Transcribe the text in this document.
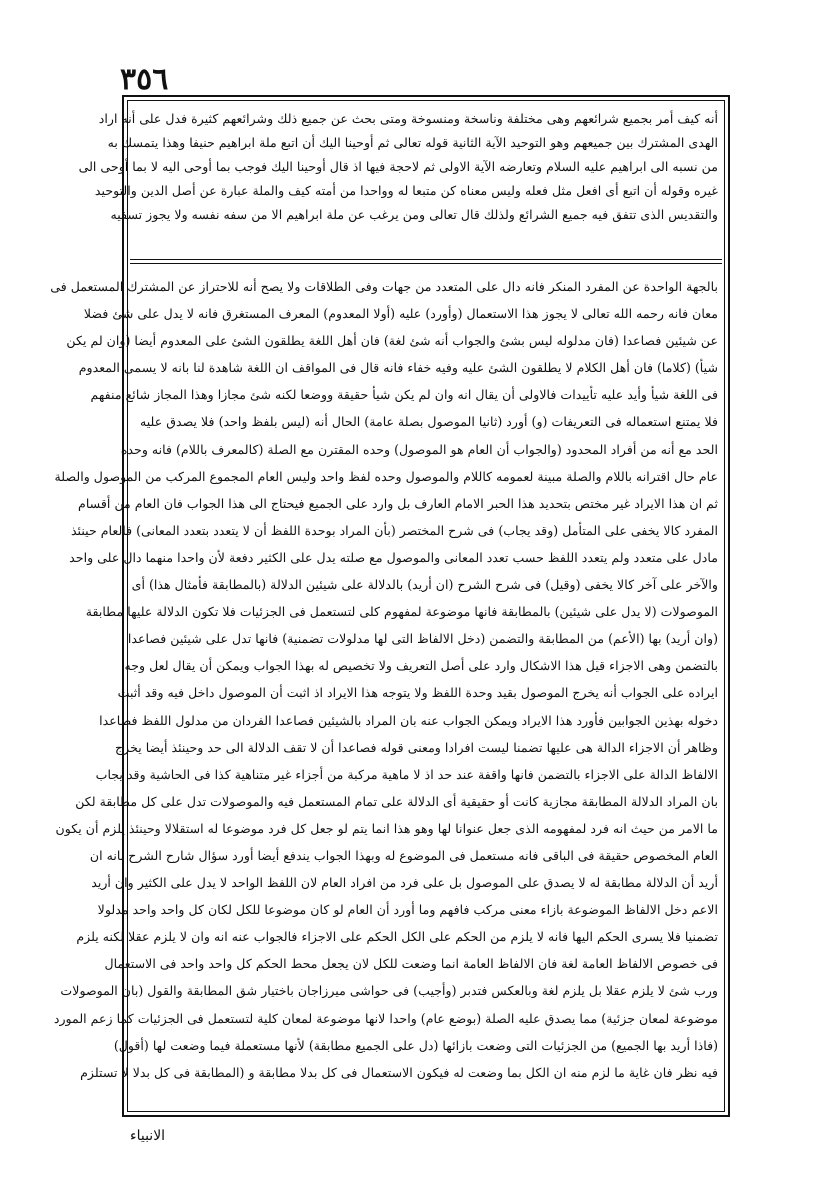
٣٥٦
أنه كيف أمر بجميع شرائعهم وهى مختلفة وناسخة ومنسوخة ومتى بحث عن جميع ذلك وشرائعهم كثيرة فدل على أنه اراد
الهدى المشترك بين جميعهم وهو التوحيد الآية الثانية قوله تعالى ثم أوحينا اليك أن اتبع ملة ابراهيم حنيفا وهذا يتمسك به
من نسبه الى ابراهيم عليه السلام وتعارضه الآية الاولى ثم لاحجة فيها اذ قال أوحينا اليك فوجب بما أوحى اليه لا بما أوحى الى
غيره وقوله أن اتبع أى افعل مثل فعله وليس معناه كن متبعا له وواحدا من أمته كيف والملة عبارة عن أصل الدين والتوحيد
والتقديس الذى تتفق فيه جميع الشرائع ولذلك قال تعالى ومن يرغب عن ملة ابراهيم الا من سفه نفسه ولا يجوز تسفيه
بالجهة الواحدة عن المفرد المنكر فانه دال على المتعدد من جهات وفى الطلاقات ولا يصح أنه للاحتراز عن المشترك المستعمل فى
معان فانه رحمه الله تعالى لا يجوز هذا الاستعمال (وأورد) عليه (أولا المعدوم) المعرف المستغرق فانه لا يدل على شئ فضلا
عن شيئين فصاعدا (فان مدلوله ليس بشئ والجواب أنه شئ لغة) فان أهل اللغة يطلقون الشئ على المعدوم أيضا (وان لم يكن
شيأ) (كلاما) فان أهل الكلام لا يطلقون الشئ عليه وفيه خفاء فانه قال فى المواقف ان اللغة شاهدة لنا بانه لا يسمى المعدوم
فى اللغة شيأ وأيد عليه تأييدات فالاولى أن يقال انه وان لم يكن شيأ حقيقة ووضعا لكنه شئ مجازا وهذا المجاز شائع منفهم
فلا يمتنع استعماله فى التعريفات (و) أورد (ثانيا الموصول بصلة عامة) الحال أنه (ليس بلفظ واحد) فلا يصدق عليه
الحد مع أنه من أفراد المحدود (والجواب أن العام هو الموصول) وحده المقترن مع الصلة (كالمعرف باللام) فانه وحده
عام حال اقترانه باللام والصلة مبينة لعمومه كاللام والموصول وحده لفظ واحد وليس العام المجموع المركب من الموصول والصلة
ثم ان هذا الايراد غير مختص بتحديد هذا الحبر الامام العارف بل وارد على الجميع فيحتاج الى هذا الجواب فان العام من أقسام
المفرد كالا يخفى على المتأمل (وقد يجاب) فى شرح المختصر (بأن المراد بوحدة اللفظ أن لا يتعدد بتعدد المعانى) فالعام حينئذ
مادل على متعدد ولم يتعدد اللفظ حسب تعدد المعانى والموصول مع صلته يدل على الكثير دفعة لأن واحدا منهما دال على واحد
والآخر على آخر كالا يخفى (وقيل) فى شرح الشرح (ان أريد) بالدلالة على شيئين الدلالة (بالمطابقة فأمثال هذا) أى
الموصولات (لا يدل على شيئين) بالمطابقة فانها موضوعة لمفهوم كلى لتستعمل فى الجزئيات فلا تكون الدلالة عليها مطابقة
(وان أريد) بها (الأعم) من المطابقة والتضمن (دخل الالفاظ التى لها مدلولات تضمنية) فانها تدل على شيئين فصاعدا
بالتضمن وهى الاجزاء قيل هذا الاشكال وارد على أصل التعريف ولا تخصيص له بهذا الجواب ويمكن أن يقال لعل وجه
ايراده على الجواب أنه يخرج الموصول بقيد وحدة اللفظ ولا يتوجه هذا الايراد اذ اثبت أن الموصول داخل فيه وقد أثبت
دخوله بهذين الجوابين فأورد هذا الايراد ويمكن الجواب عنه بان المراد بالشيئين فصاعدا الفردان من مدلول اللفظ فصاعدا
وظاهر أن الاجزاء الدالة هى عليها تضمنا ليست افرادا ومعنى قوله فصاعدا أن لا تقف الدلالة الى حد وحينئذ أيضا يخرج
الالفاظ الدالة على الاجزاء بالتضمن فانها واقفة عند حد اذ لا ماهية مركبة من أجزاء غير متناهية كذا فى الحاشية وقد يجاب
بان المراد الدلالة المطابقة مجازية كانت أو حقيقية أى الدلالة على تمام المستعمل فيه والموصولات تدل على كل مطابقة لكن
ما الامر من حيث انه فرد لمفهومه الذى جعل عنوانا لها وهو هذا انما يتم لو جعل كل فرد موضوعا له استقلالا وحينئذ يلزم أن يكون
العام المخصوص حقيقة فى الباقى فانه مستعمل فى الموضوع له وبهذا الجواب يندفع أيضا أورد سؤال شارح الشرح بانه ان
أريد أن الدلالة مطابقة له لا يصدق على الموصول بل على فرد من افراد العام لان اللفظ الواحد لا يدل على الكثير وان أريد
الاعم دخل الالفاظ الموضوعة بازاء معنى مركب فافهم وما أورد أن العام لو كان موضوعا للكل لكان كل واحد واحد مدلولا
تضمنيا فلا يسرى الحكم اليها فانه لا يلزم من الحكم على الكل الحكم على الاجزاء فالجواب عنه انه وان لا يلزم عقلا لكنه يلزم
فى خصوص الالفاظ العامة لغة فان الالفاظ العامة انما وضعت للكل لان يجعل محط الحكم كل واحد واحد فى الاستعمال
ورب شئ لا يلزم عقلا بل يلزم لغة وبالعكس فتدبر (وأجيب) فى حواشى ميرزاجان باختيار شق المطابقة والقول (بان الموصولات
موضوعة لمعان جزئية) مما يصدق عليه الصلة (بوضع عام) واحدا لانها موضوعة لمعان كلية لتستعمل فى الجزئيات كما زعم المورد
(فاذا أريد بها الجميع) من الجزئيات التى وضعت بازائها (دل على الجميع مطابقة) لأنها مستعملة فيما وضعت لها (أقول)
فيه نظر فان غاية ما لزم منه ان الكل بما وضعت له فيكون الاستعمال فى كل بدلا مطابقة و (المطابقة فى كل بدلا لا تستلزم
الانبياء
